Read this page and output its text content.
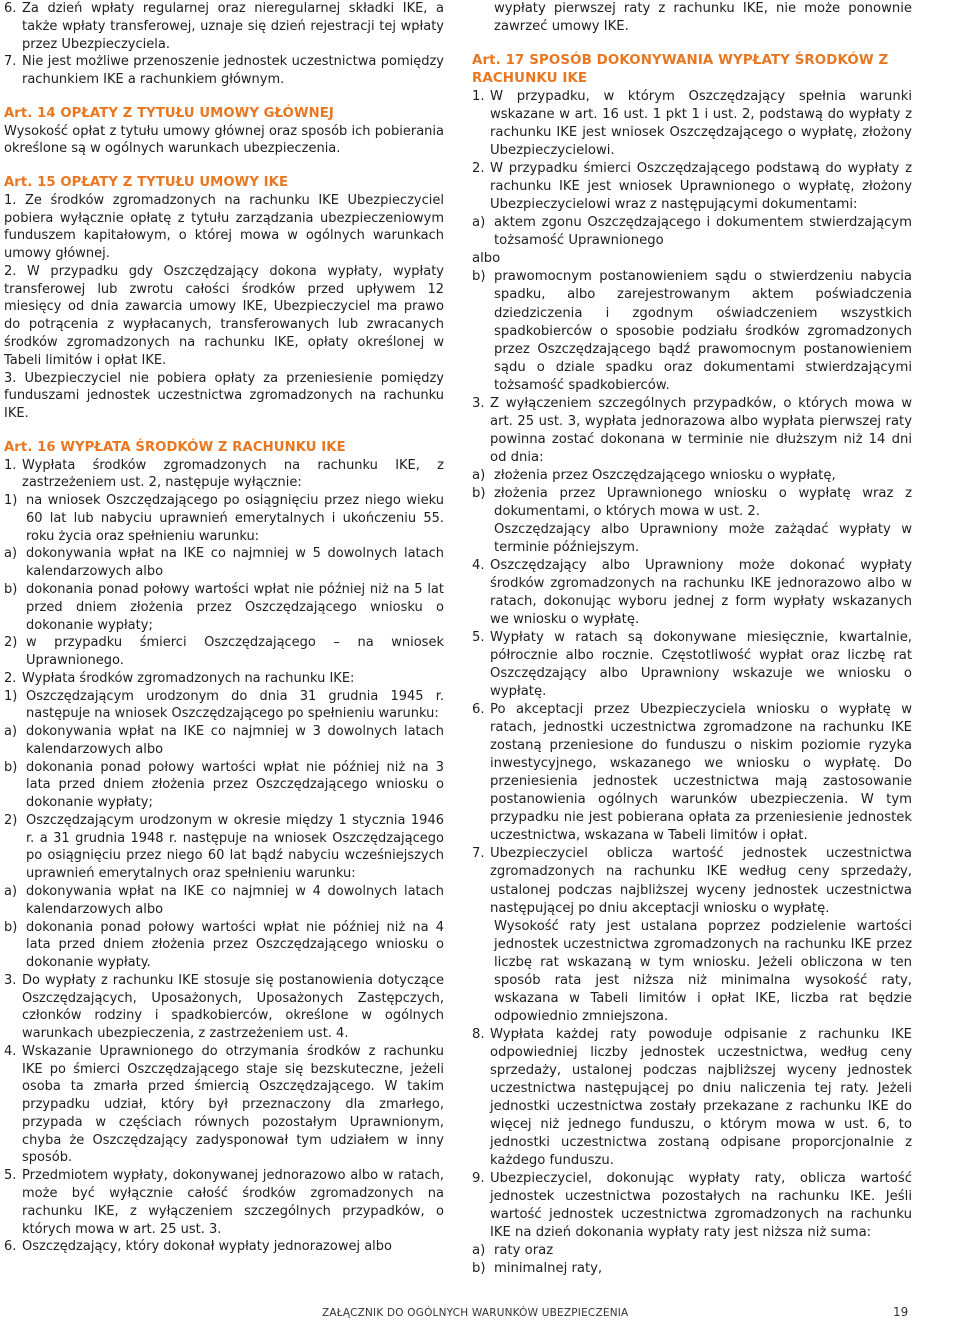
6. Za dzień wpłaty regularnej oraz nieregularnej składki IKE, a także wpłaty transferowej, uznaje się dzień rejestracji tej wpłaty przez Ubezpieczyciela.
7. Nie jest możliwe przenoszenie jednostek uczestnictwa pomiędzy rachunkiem IKE a rachunkiem głównym.
Art. 14 OPŁATY Z TYTUŁU UMOWY GŁÓWNEJ

Wysokość opłat z tytułu umowy głównej oraz sposób ich pobierania określone są w ogólnych warunkach ubezpieczenia.

Art. 15 OPŁATY Z TYTUŁU UMOWY IKE

1. Ze środków zgromadzonych na rachunku IKE Ubezpieczyciel pobiera wyłącznie opłatę z tytułu zarządzania ubezpieczeniowym funduszem kapitałowym, o której mowa w ogólnych warunkach umowy głównej.

2. W przypadku gdy Oszczędzający dokona wypłaty, wypłaty transferowej lub zwrotu całości środków przed upływem 12 miesięcy od dnia zawarcia umowy IKE, Ubezpieczyciel ma prawo do potrącenia z wypłacanych, transferowanych lub zwracanych środków zgromadzonych na rachunku IKE, opłaty określonej w Tabeli limitów i opłat IKE.

3. Ubezpieczyciel nie pobiera opłaty za przeniesienie pomiędzy funduszami jednostek uczestnictwa zgromadzonych na rachunku IKE.

Art. 16 WYPŁATA ŚRODKÓW Z RACHUNKU IKE
1. Wypłata środków zgromadzonych na rachunku IKE, z zastrzeżeniem ust. 2, następuje wyłącznie:
1) na wniosek Oszczędzającego po osiągnięciu przez niego wieku 60 lat lub nabyciu uprawnień emerytalnych i ukończeniu 55. roku życia oraz spełnieniu warunku:
a) dokonywania wpłat na IKE co najmniej w 5 dowolnych latach kalendarzowych albo
b) dokonania ponad połowy wartości wpłat nie później niż na 5 lat przed dniem złożenia przez Oszczędzającego wniosku o dokonanie wypłaty;
2) w przypadku śmierci Oszczędzającego – na wniosek Uprawnionego.
2. Wypłata środków zgromadzonych na rachunku IKE:
1) Oszczędzającym urodzonym do dnia 31 grudnia 1945 r. następuje na wniosek Oszczędzającego po spełnieniu warunku:
a) dokonywania wpłat na IKE co najmniej w 3 dowolnych latach kalendarzowych albo
b) dokonania ponad połowy wartości wpłat nie później niż na 3 lata przed dniem złożenia przez Oszczędzającego wniosku o dokonanie wypłaty;
2) Oszczędzającym urodzonym w okresie między 1 stycznia 1946 r. a 31 grudnia 1948 r. następuje na wniosek Oszczędzającego po osiągnięciu przez niego 60 lat bądź nabyciu wcześniejszych uprawnień emerytalnych oraz spełnieniu warunku:
a) dokonywania wpłat na IKE co najmniej w 4 dowolnych latach kalendarzowych albo
b) dokonania ponad połowy wartości wpłat nie później niż na 4 lata przed dniem złożenia przez Oszczędzającego wniosku o dokonanie wypłaty.
3. Do wypłaty z rachunku IKE stosuje się postanowienia dotyczące Oszczędzających, Uposażonych, Uposażonych Zastępczych, członków rodziny i spadkobierców, określone w ogólnych warunkach ubezpieczenia, z zastrzeżeniem ust. 4.
4. Wskazanie Uprawnionego do otrzymania środków z rachunku IKE po śmierci Oszczędzającego staje się bezskuteczne, jeżeli osoba ta zmarła przed śmiercią Oszczędzającego. W takim przypadku udział, który był przeznaczony dla zmarłego, przypada w częściach równych pozostałym Uprawnionym, chyba że Oszczędzający zadysponował tym udziałem w inny sposób.
5. Przedmiotem wypłaty, dokonywanej jednorazowo albo w ratach, może być wyłącznie całość środków zgromadzonych na rachunku IKE, z wyłączeniem szczególnych przypadków, o których mowa w art. 25 ust. 3.
6. Oszczędzający, który dokonał wypłaty jednorazowej albo
wypłaty pierwszej raty z rachunku IKE, nie może ponownie zawrzeć umowy IKE.
Art. 17 SPOSÓB DOKONYWANIA WYPŁATY ŚRODKÓW Z RACHUNKU IKE
1. W przypadku, w którym Oszczędzający spełnia warunki wskazane w art. 16 ust. 1 pkt 1 i ust. 2, podstawą do wypłaty z rachunku IKE jest wniosek Oszczędzającego o wypłatę, złożony Ubezpieczycielowi.
2. W przypadku śmierci Oszczędzającego podstawą do wypłaty z rachunku IKE jest wniosek Uprawnionego o wypłatę, złożony Ubezpieczycielowi wraz z następującymi dokumentami:
a) aktem zgonu Oszczędzającego i dokumentem stwierdzającym tożsamość Uprawnionego

albo

b) prawomocnym postanowieniem sądu o stwierdzeniu nabycia spadku, albo zarejestrowanym aktem poświadczenia dziedziczenia i zgodnym oświadczeniem wszystkich spadkobierców o sposobie podziału środków zgromadzonych przez Oszczędzającego bądź prawomocnym postanowieniem sądu o dziale spadku oraz dokumentami stwierdzającymi tożsamość spadkobierców.
3. Z wyłączeniem szczególnych przypadków, o których mowa w art. 25 ust. 3, wypłata jednorazowa albo wypłata pierwszej raty powinna zostać dokonana w terminie nie dłuższym niż 14 dni od dnia:
a) złożenia przez Oszczędzającego wniosku o wypłatę,
b) złożenia przez Uprawnionego wniosku o wypłatę wraz z dokumentami, o których mowa w ust. 2.
Oszczędzający albo Uprawniony może zażądać wypłaty w terminie późniejszym.
4. Oszczędzający albo Uprawniony może dokonać wypłaty środków zgromadzonych na rachunku IKE jednorazowo albo w ratach, dokonując wyboru jednej z form wypłaty wskazanych we wniosku o wypłatę.
5. Wypłaty w ratach są dokonywane miesięcznie, kwartalnie, półrocznie albo rocznie. Częstotliwość wypłat oraz liczbę rat Oszczędzający albo Uprawniony wskazuje we wniosku o wypłatę.
6. Po akceptacji przez Ubezpieczyciela wniosku o wypłatę w ratach, jednostki uczestnictwa zgromadzone na rachunku IKE zostaną przeniesione do funduszu o niskim poziomie ryzyka inwestycyjnego, wskazanego we wniosku o wypłatę. Do przeniesienia jednostek uczestnictwa mają zastosowanie postanowienia ogólnych warunków ubezpieczenia. W tym przypadku nie jest pobierana opłata za przeniesienie jednostek uczestnictwa, wskazana w Tabeli limitów i opłat.
7. Ubezpieczyciel oblicza wartość jednostek uczestnictwa zgromadzonych na rachunku IKE według ceny sprzedaży, ustalonej podczas najbliższej wyceny jednostek uczestnictwa następującej po dniu akceptacji wniosku o wypłatę.
Wysokość raty jest ustalana poprzez podzielenie wartości jednostek uczestnictwa zgromadzonych na rachunku IKE przez liczbę rat wskazaną w tym wniosku. Jeżeli obliczona w ten sposób rata jest niższa niż minimalna wysokość raty, wskazana w Tabeli limitów i opłat IKE, liczba rat będzie odpowiednio zmniejszona.
8. Wypłata każdej raty powoduje odpisanie z rachunku IKE odpowiedniej liczby jednostek uczestnictwa, według ceny sprzedaży, ustalonej podczas najbliższej wyceny jednostek uczestnictwa następującej po dniu naliczenia tej raty. Jeżeli jednostki uczestnictwa zostały przekazane z rachunku IKE do więcej niż jednego funduszu, o którym mowa w ust. 6, to jednostki uczestnictwa zostaną odpisane proporcjonalnie z każdego funduszu.
9. Ubezpieczyciel, dokonując wypłaty raty, oblicza wartość jednostek uczestnictwa pozostałych na rachunku IKE. Jeśli wartość jednostek uczestnictwa zgromadzonych na rachunku IKE na dzień dokonania wypłaty raty jest niższa niż suma:
a) raty oraz
b) minimalnej raty,
ZAŁĄCZNIK DO OGÓLNYCH WARUNKÓW UBEZPIECZENIA	19
